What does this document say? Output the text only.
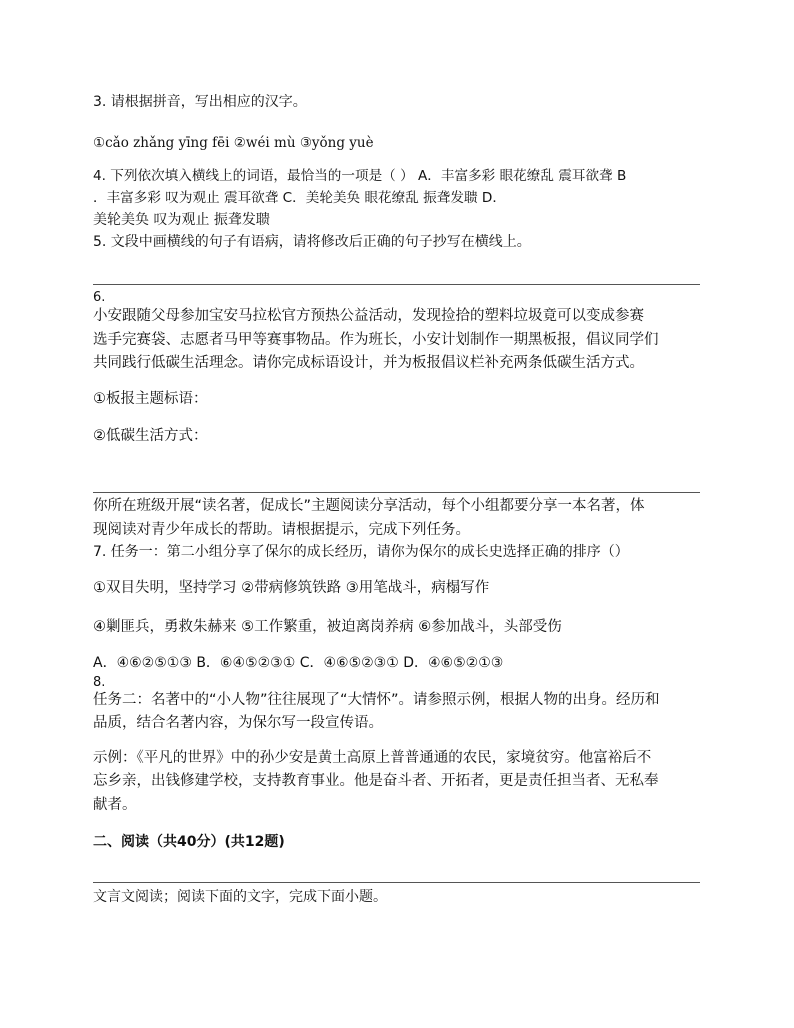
3. 请根据拼音，写出相应的汉字。
①cǎo zhǎng yīng fēi ②wéi mù ③yǒng yuè
4. 下列依次填入横线上的词语，最恰当的一项是（ ） A．丰富多彩 眼花缭乱 震耳欲聋 B
．丰富多彩 叹为观止 震耳欲聋 C．美轮美奂 眼花缭乱 振聋发聩 D．
美轮美奂 叹为观止 振聋发聩
5. 文段中画横线的句子有语病，请将修改后正确的句子抄写在横线上。
6.
小安跟随父母参加宝安马拉松官方预热公益活动，发现捡拾的塑料垃圾竟可以变成参赛
选手完赛袋、志愿者马甲等赛事物品。作为班长，小安计划制作一期黑板报，倡议同学们
共同践行低碳生活理念。请你完成标语设计，并为板报倡议栏补充两条低碳生活方式。
①板报主题标语：
②低碳生活方式：
你所在班级开展“读名著，促成长”主题阅读分享活动，每个小组都要分享一本名著，体
现阅读对青少年成长的帮助。请根据提示，完成下列任务。
7. 任务一：第二小组分享了保尔的成长经历，请你为保尔的成长史选择正确的排序（）
①双目失明，坚持学习 ②带病修筑铁路 ③用笔战斗，病榻写作
④剿匪兵，勇救朱赫来 ⑤工作繁重，被迫离岗养病 ⑥参加战斗，头部受伤
A．④⑥②⑤①③ B．⑥④⑤②③① C．④⑥⑤②③① D．④⑥⑤②①③
8.
任务二：名著中的“小人物”往往展现了“大情怀”。请参照示例，根据人物的出身。经历和
品质，结合名著内容，为保尔写一段宣传语。
示例：《平凡的世界》中的孙少安是黄土高原上普普通通的农民，家境贫穷。他富裕后不
忘乡亲，出钱修建学校，支持教育事业。他是奋斗者、开拓者，更是责任担当者、无私奉
献者。
二、阅读（共40分）(共12题)
文言文阅读；阅读下面的文字，完成下面小题。
